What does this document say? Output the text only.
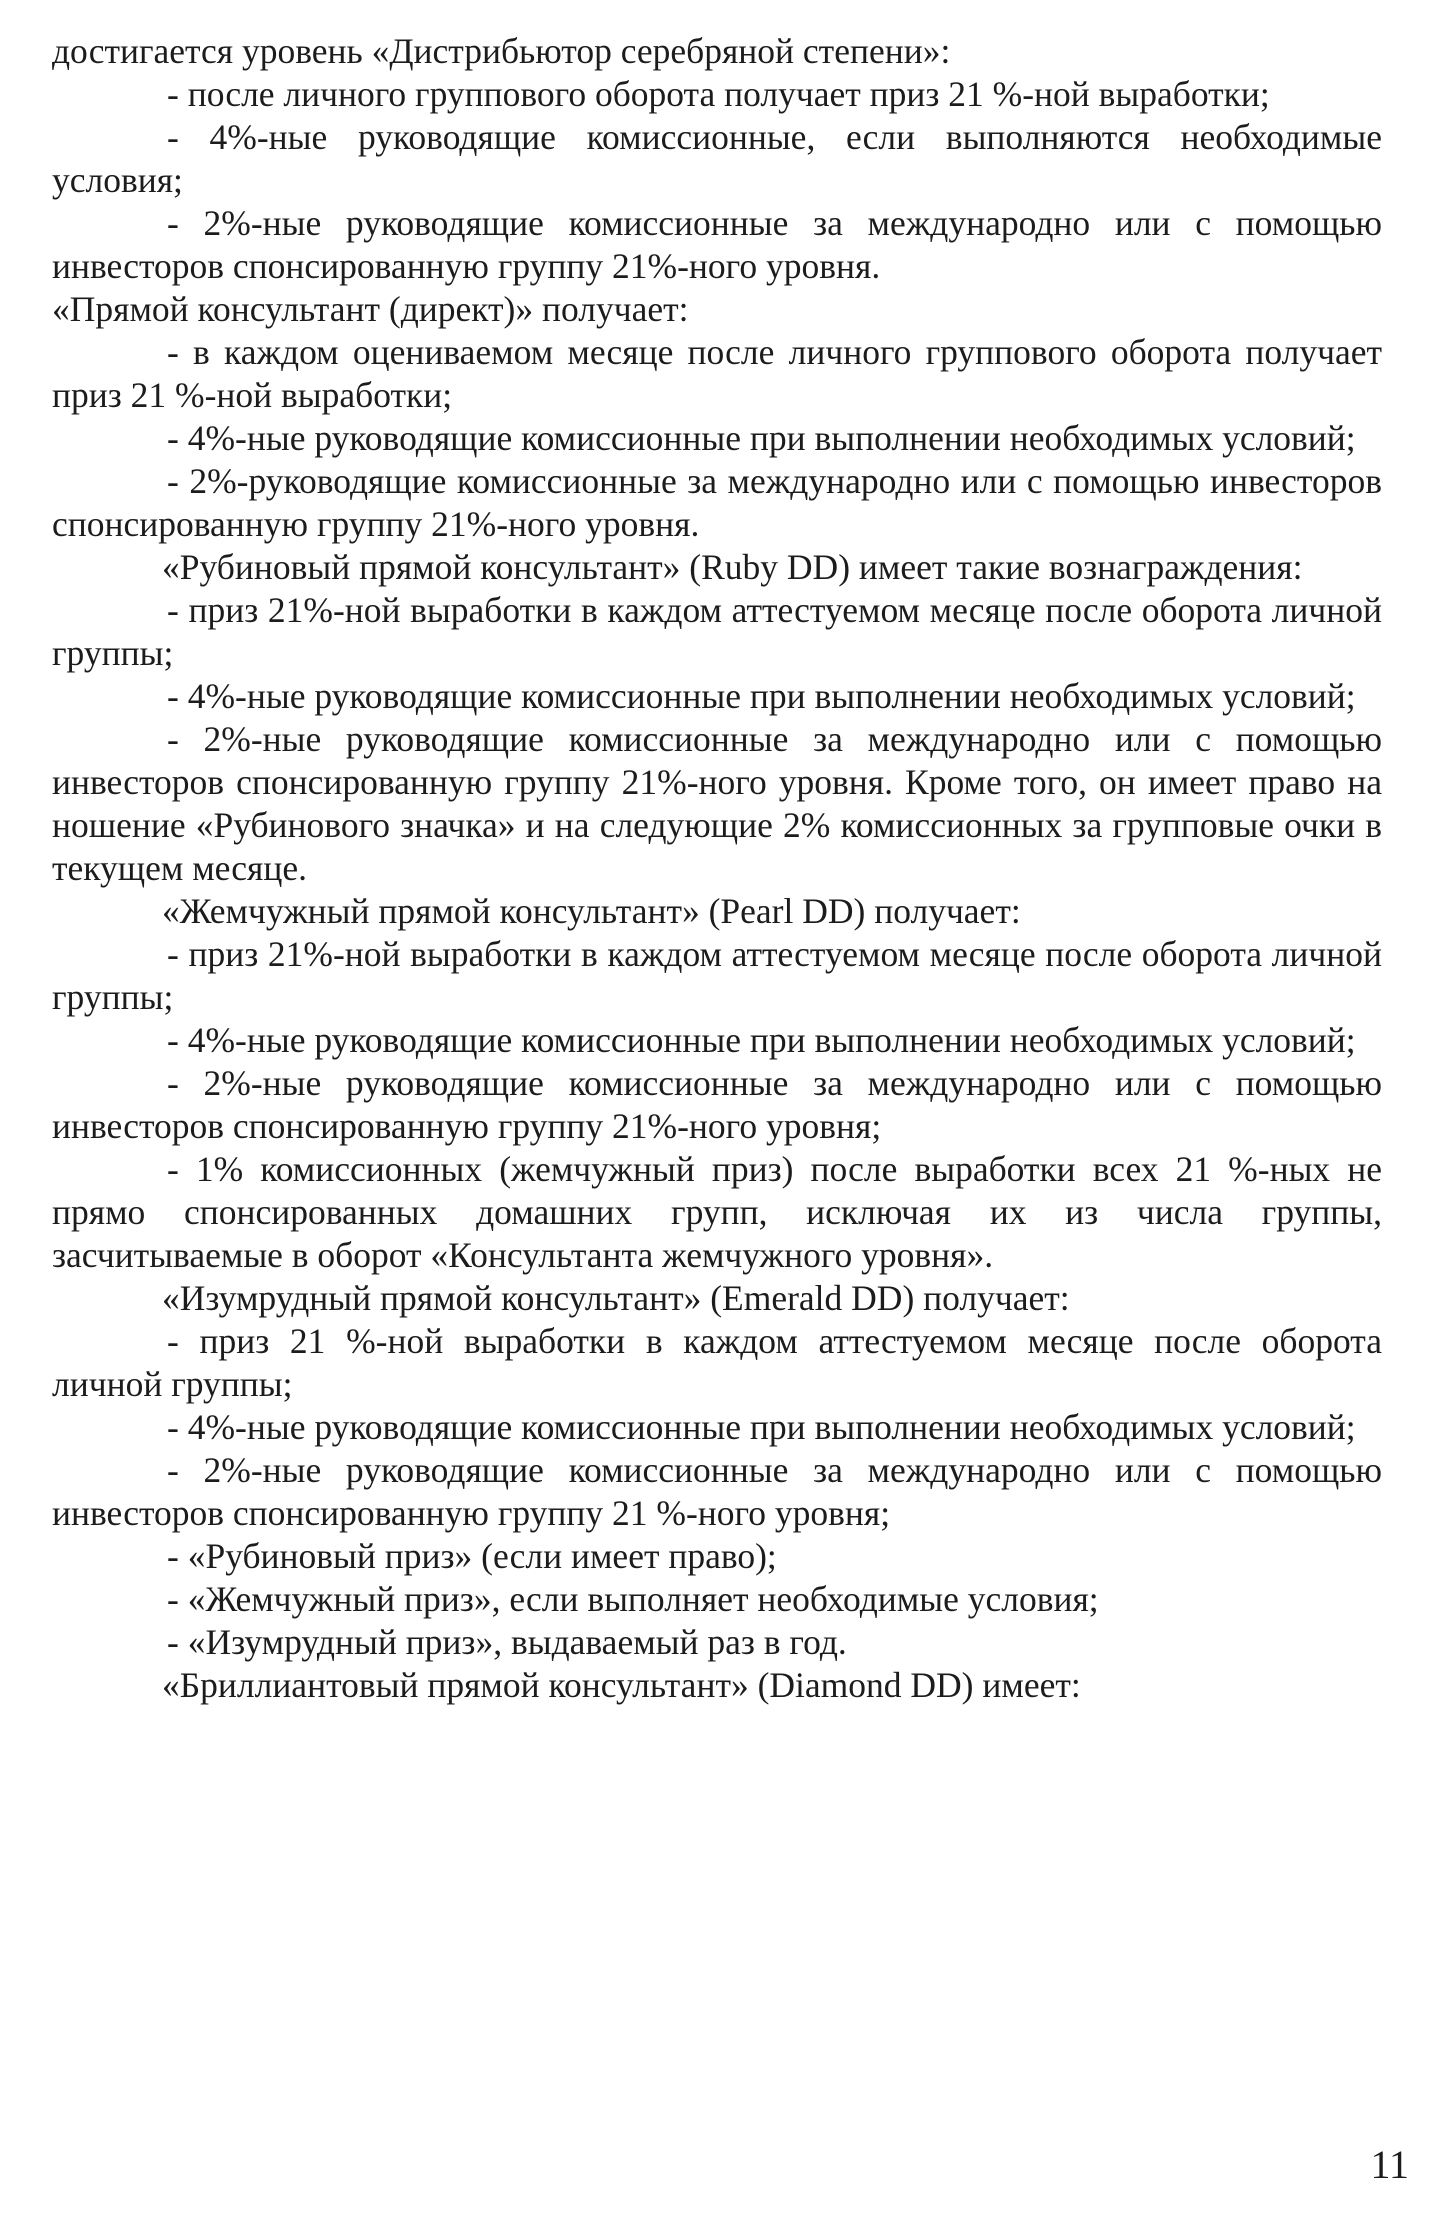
достигается уровень «Дистрибьютор серебряной степени»:

- после личного группового оборота получает приз 21 %-ной выработки;

- 4%-ные руководящие комиссионные, если выполняются необходимые условия;

- 2%-ные руководящие комиссионные за международно или с помощью инвесторов спонсированную группу 21%-ного уровня.

«Прямой консультант (директ)» получает:

- в каждом оцениваемом месяце после личного группового оборота получает приз 21 %-ной выработки;

- 4%-ные руководящие комиссионные при выполнении необходимых условий;

- 2%-руководящие комиссионные за международно или с помощью инвесторов спонсированную группу 21%-ного уровня.

«Рубиновый прямой консультант» (Ruby DD) имеет такие вознаграждения:

- приз 21%-ной выработки в каждом аттестуемом месяце после оборота личной группы;

- 4%-ные руководящие комиссионные при выполнении необходимых условий;

- 2%-ные руководящие комиссионные за международно или с помощью инвесторов спонсированную группу 21%-ного уровня. Кроме того, он имеет право на ношение «Рубинового значка» и на следующие 2% комиссионных за групповые очки в текущем месяце.

«Жемчужный прямой консультант» (Pearl DD) получает:

- приз 21%-ной выработки в каждом аттестуемом месяце после оборота личной группы;

- 4%-ные руководящие комиссионные при выполнении необходимых условий;

- 2%-ные руководящие комиссионные за международно или с помощью инвесторов спонсированную группу 21%-ного уровня;

- 1% комиссионных (жемчужный приз) после выработки всех 21 %-ных не прямо спонсированных домашних групп, исключая их из числа группы, засчитываемые в оборот «Консультанта жемчужного уровня».

«Изумрудный прямой консультант» (Emerald DD) получает:

- приз 21 %-ной выработки в каждом аттестуемом месяце после оборота личной группы;

- 4%-ные руководящие комиссионные при выполнении необходимых условий;

- 2%-ные руководящие комиссионные за международно или с помощью инвесторов спонсированную группу 21 %-ного уровня;

- «Рубиновый приз» (если имеет право);

- «Жемчужный приз», если выполняет необходимые условия;

- «Изумрудный приз», выдаваемый раз в год.

«Бриллиантовый прямой консультант» (Diamond DD) имеет:

11
